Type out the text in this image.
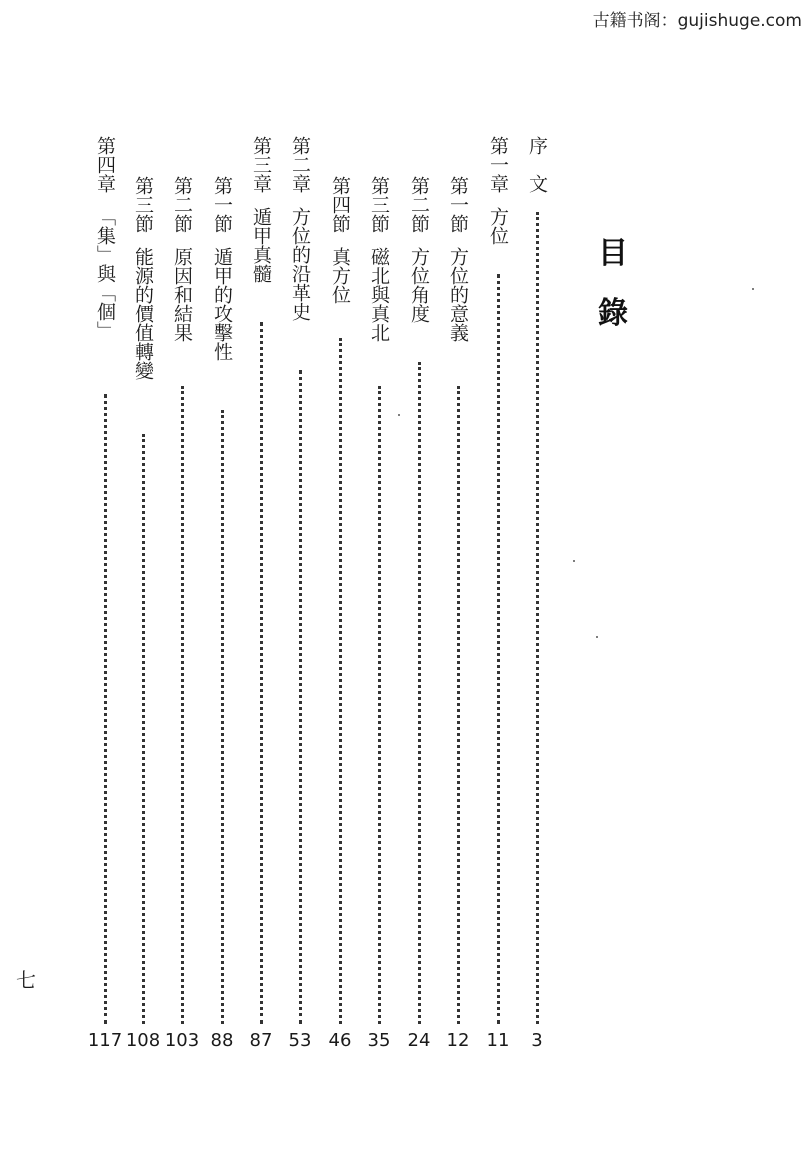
古籍书阁：gujishuge.com
目
錄
序　文
3
第一章
方位
11
第一節
方位的意義
12
第二節
方位角度
24
第三節
磁北與真北
35
第四節
真方位
46
第二章
方位的沿革史
53
第三章
遁甲真髓
87
第一節
遁甲的攻擊性
88
第二節
原因和結果
103
第三節
能源的價值轉變
108
第四章
「集」與「個」
117
七
